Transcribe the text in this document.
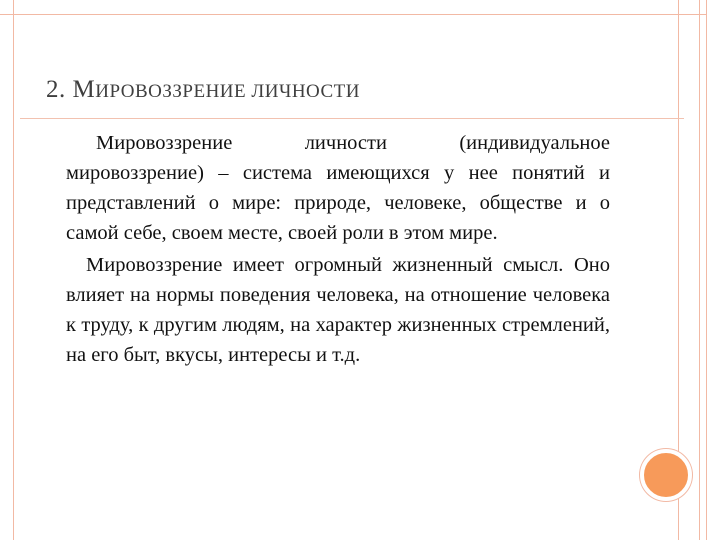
2. МИРОВОЗЗРЕНИЕ ЛИЧНОСТИ

Мировоззрение личности (индивидуальное мировоззрение) – система имеющихся у нее понятий и представлений о мире: природе, человеке, обществе и о самой себе, своем месте, своей роли в этом мире.

Мировоззрение имеет огромный жизненный смысл. Оно влияет на нормы поведения человека, на отношение человека к труду, к другим людям, на характер жизненных стремлений, на его быт, вкусы, интересы и т.д.
